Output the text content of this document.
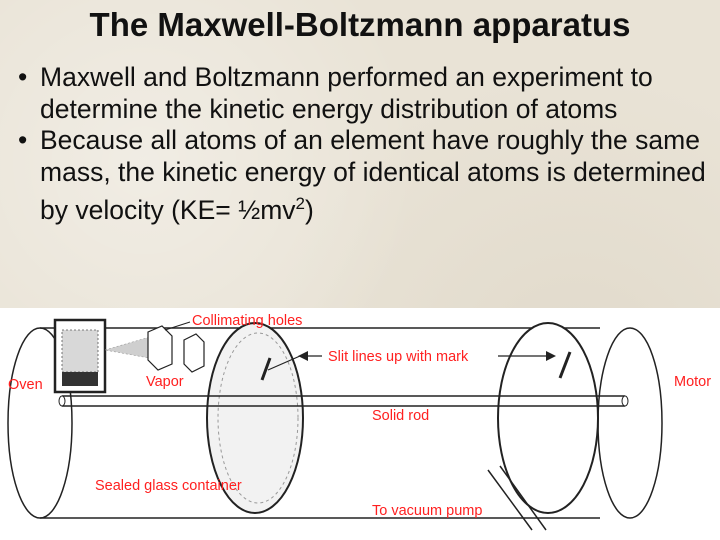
The Maxwell-Boltzmann apparatus
• Maxwell and Boltzmann performed an experiment to determine the kinetic energy distribution of atoms
• Because all atoms of an element have roughly the same mass, the kinetic energy of identical atoms is determined by velocity $(KE= \frac{1}{2}mv^2)$
Collimating holes
Slit lines up with mark
Oven	Vapor	Motor
Solid rod
Sealed glass container
To vacuum pump
